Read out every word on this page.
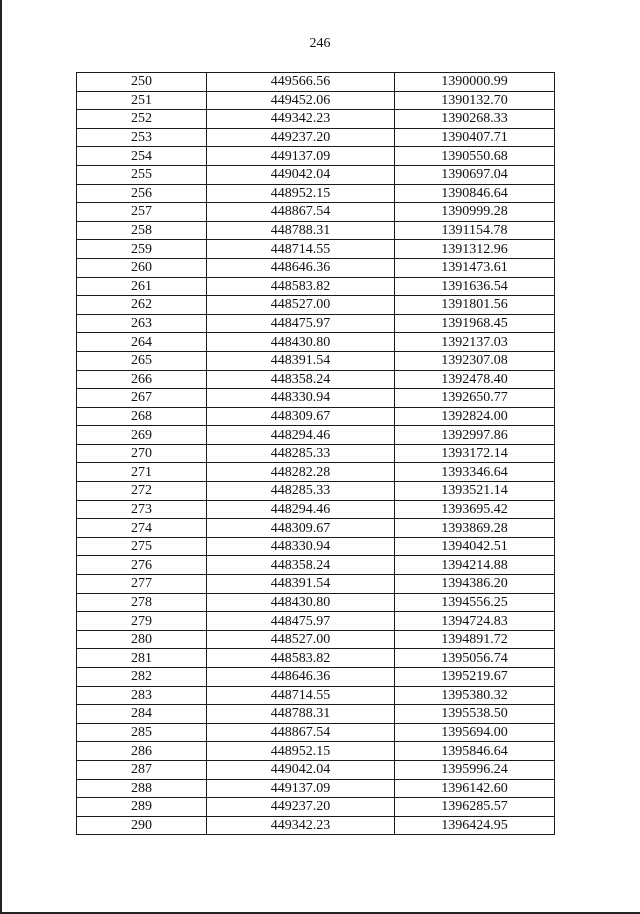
246
250	449566.56	1390000.99
251	449452.06	1390132.70
252	449342.23	1390268.33
253	449237.20	1390407.71
254	449137.09	1390550.68
255	449042.04	1390697.04
256	448952.15	1390846.64
257	448867.54	1390999.28
258	448788.31	1391154.78
259	448714.55	1391312.96
260	448646.36	1391473.61
261	448583.82	1391636.54
262	448527.00	1391801.56
263	448475.97	1391968.45
264	448430.80	1392137.03
265	448391.54	1392307.08
266	448358.24	1392478.40
267	448330.94	1392650.77
268	448309.67	1392824.00
269	448294.46	1392997.86
270	448285.33	1393172.14
271	448282.28	1393346.64
272	448285.33	1393521.14
273	448294.46	1393695.42
274	448309.67	1393869.28
275	448330.94	1394042.51
276	448358.24	1394214.88
277	448391.54	1394386.20
278	448430.80	1394556.25
279	448475.97	1394724.83
280	448527.00	1394891.72
281	448583.82	1395056.74
282	448646.36	1395219.67
283	448714.55	1395380.32
284	448788.31	1395538.50
285	448867.54	1395694.00
286	448952.15	1395846.64
287	449042.04	1395996.24
288	449137.09	1396142.60
289	449237.20	1396285.57
290	449342.23	1396424.95
